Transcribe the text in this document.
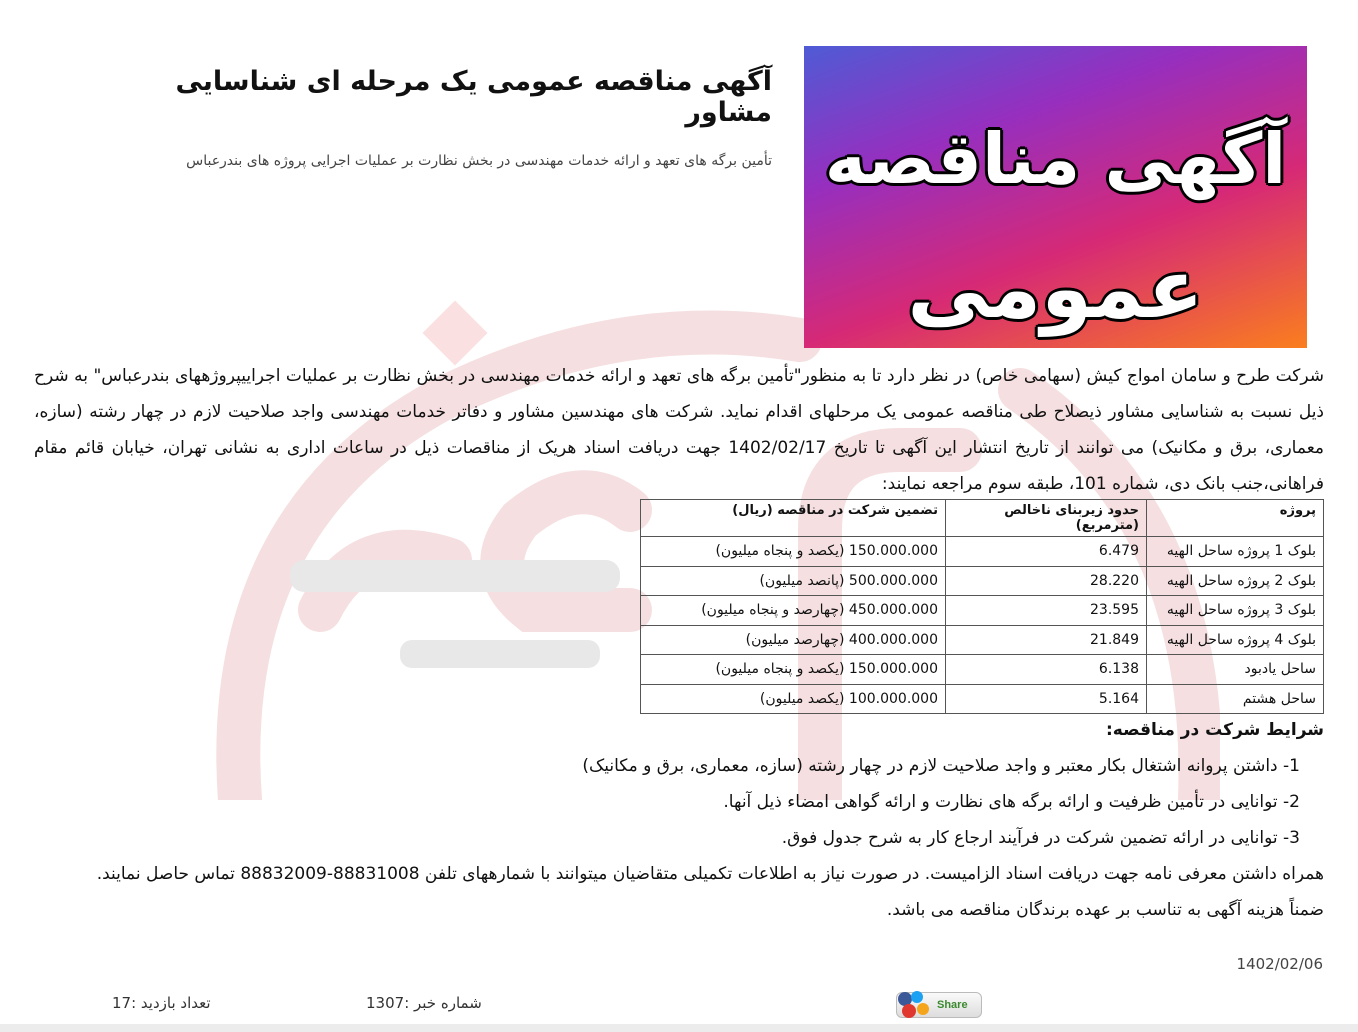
آگهی مناقصه
عمومی
آگهی مناقصه عمومی یک مرحله ای شناسایی مشاور
تأمین برگه های تعهد و ارائه خدمات مهندسی در بخش نظارت بر عملیات اجرایی پروژه های بندرعباس

شرکت طرح و سامان امواج کیش (سهامی خاص) در نظر دارد تا به منظور"تأمین برگه های تعهد و ارائه خدمات مهندسی در بخش نظارت بر عملیات اجراییپروژههای بندرعباس" به شرح ذیل نسبت به شناسایی مشاور ذیصلاح طی مناقصه عمومی یک مرحلهای اقدام نماید. شرکت های مهندسین مشاور و دفاتر خدمات مهندسی واجد صلاحیت لازم در چهار رشته (سازه، معماری، برق و مکانیک) می توانند از تاریخ انتشار این آگهی تا تاریخ 1402/02/17 جهت دریافت اسناد هریک از مناقصات ذیل در ساعات اداری به نشانی تهران، خیابان قائم مقام فراهانی،جنب بانک دی، شماره 101، طبقه سوم مراجعه نمایند:

پروژه	حدود زیربنای ناخالص (مترمربع)	تضمین شرکت در مناقصه (ریال)
بلوک 1 پروژه ساحل الهیه	6.479	150.000.000 (یکصد و پنجاه میلیون)
بلوک 2 پروژه ساحل الهیه	28.220	500.000.000 (پانصد میلیون)
بلوک 3 پروژه ساحل الهیه	23.595	450.000.000 (چهارصد و پنجاه میلیون)
بلوک 4 پروژه ساحل الهیه	21.849	400.000.000 (چهارصد میلیون)
ساحل یادبود	6.138	150.000.000 (یکصد و پنجاه میلیون)
ساحل هشتم	5.164	100.000.000 (یکصد میلیون)
شرایط شرکت در مناقصه:
1- داشتن پروانه اشتغال بکار معتبر و واجد صلاحیت لازم در چهار رشته (سازه، معماری، برق و مکانیک)
2- توانایی در تأمین ظرفیت و ارائه برگه های نظارت و ارائه گواهی امضاء ذیل آنها.
3- توانایی در ارائه تضمین شرکت در فرآیند ارجاع کار به شرح جدول فوق.

همراه داشتن معرفی نامه جهت دریافت اسناد الزامیست. در صورت نیاز به اطلاعات تکمیلی متقاضیان میتوانند با شمارههای تلفن 88831008-88832009 تماس حاصل نمایند.

ضمناً هزینه آگهی به تناسب بر عهده برندگان مناقصه می باشد.

1402/02/06
شماره خبر :1307
تعداد بازدید :17	Share
